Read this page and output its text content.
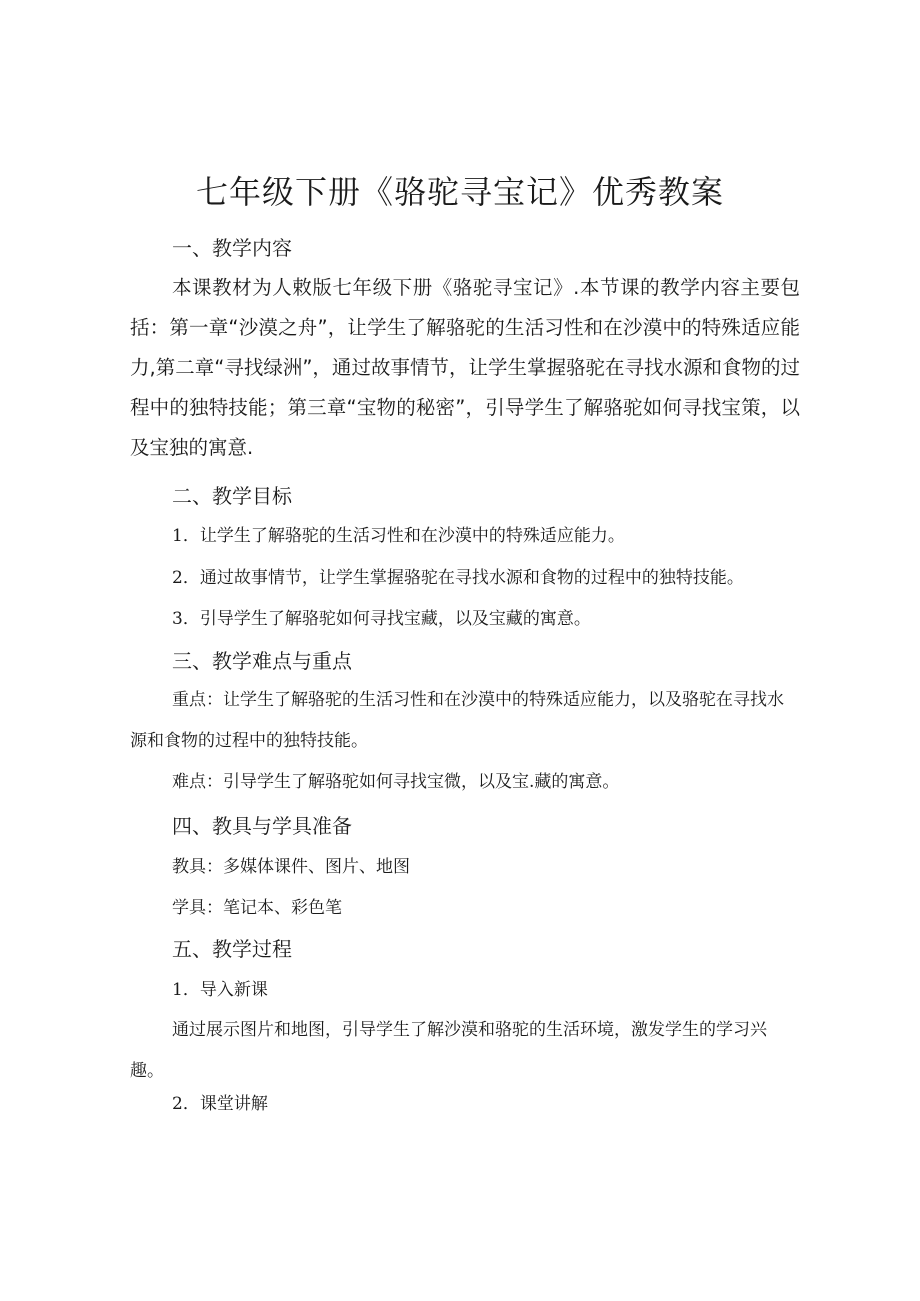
七年级下册《骆驼寻宝记》优秀教案
一、教学内容

本课教材为人敕版七年级下册《骆驼寻宝记》.本节课的教学内容主要包括：第一章“沙漠之舟”，让学生了解骆驼的生活习性和在沙漠中的特殊适应能力,第二章“寻找绿洲”，通过故事情节，让学生掌握骆驼在寻找水源和食物的过程中的独特技能；第三章“宝物的秘密”，引导学生了解骆驼如何寻找宝策，以及宝独的寓意.

二、教学目标
1．让学生了解骆驼的生活习性和在沙漠中的特殊适应能力。
2．通过故事情节，让学生掌握骆驼在寻找水源和食物的过程中的独特技能。
3．引导学生了解骆驼如何寻找宝藏，以及宝藏的寓意。
三、教学难点与重点

重点：让学生了解骆驼的生活习性和在沙漠中的特殊适应能力，以及骆驼在寻找水源和食物的过程中的独特技能。

难点：引导学生了解骆驼如何寻找宝微，以及宝.藏的寓意。
四、教具与学具准备
教具：多媒体课件、图片、地图
学具：笔记本、彩色笔
五、教学过程
1．导入新课

通过展示图片和地图，引导学生了解沙漠和骆驼的生活环境，激发学生的学习兴趣。

2．课堂讲解
